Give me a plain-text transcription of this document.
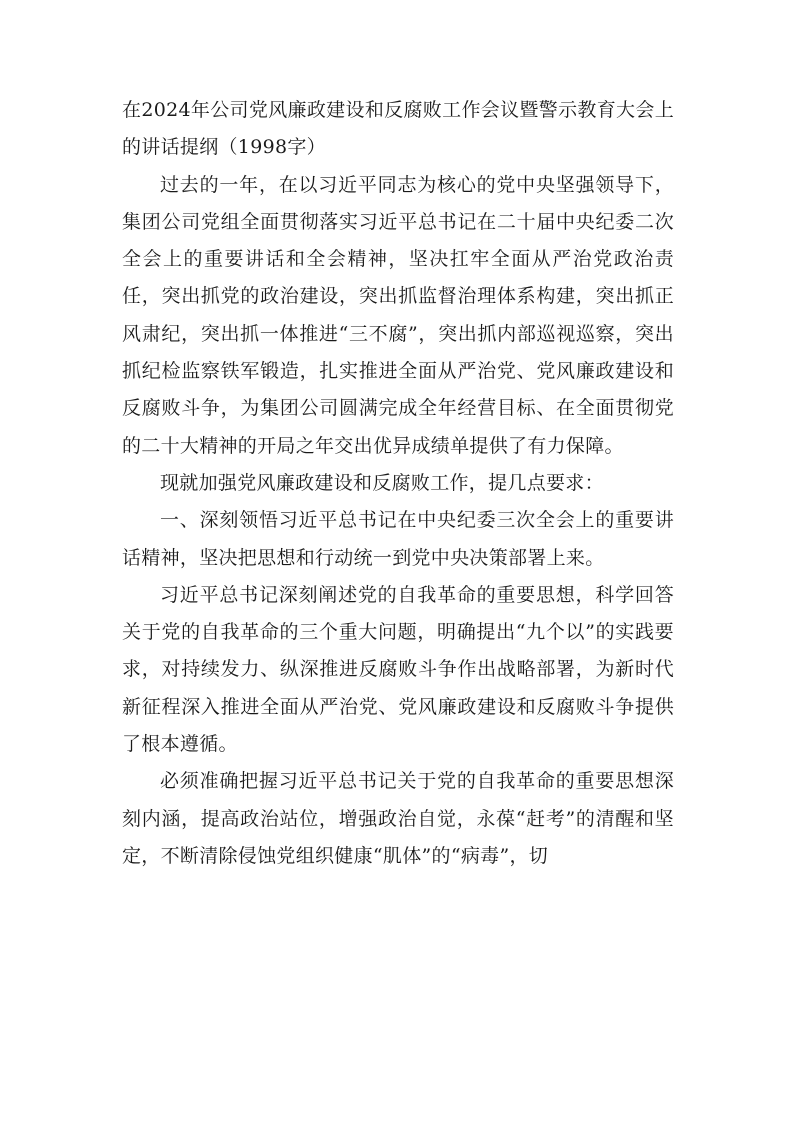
在2024年公司党风廉政建设和反腐败工作会议暨警示教育大会上的讲话提纲（1998字）

过去的一年，在以习近平同志为核心的党中央坚强领导下，集团公司党组全面贯彻落实习近平总书记在二十届中央纪委二次全会上的重要讲话和全会精神，坚决扛牢全面从严治党政治责任，突出抓党的政治建设，突出抓监督治理体系构建，突出抓正风肃纪，突出抓一体推进“三不腐”，突出抓内部巡视巡察，突出抓纪检监察铁军锻造，扎实推进全面从严治党、党风廉政建设和反腐败斗争，为集团公司圆满完成全年经营目标、在全面贯彻党的二十大精神的开局之年交出优异成绩单提供了有力保障。

现就加强党风廉政建设和反腐败工作，提几点要求：

一、深刻领悟习近平总书记在中央纪委三次全会上的重要讲话精神，坚决把思想和行动统一到党中央决策部署上来。

习近平总书记深刻阐述党的自我革命的重要思想，科学回答关于党的自我革命的三个重大问题，明确提出“九个以”的实践要求，对持续发力、纵深推进反腐败斗争作出战略部署，为新时代新征程深入推进全面从严治党、党风廉政建设和反腐败斗争提供了根本遵循。

必须准确把握习近平总书记关于党的自我革命的重要思想深刻内涵，提高政治站位，增强政治自觉，永葆“赶考”的清醒和坚定，不断清除侵蚀党组织健康“肌体”的“病毒”，切
